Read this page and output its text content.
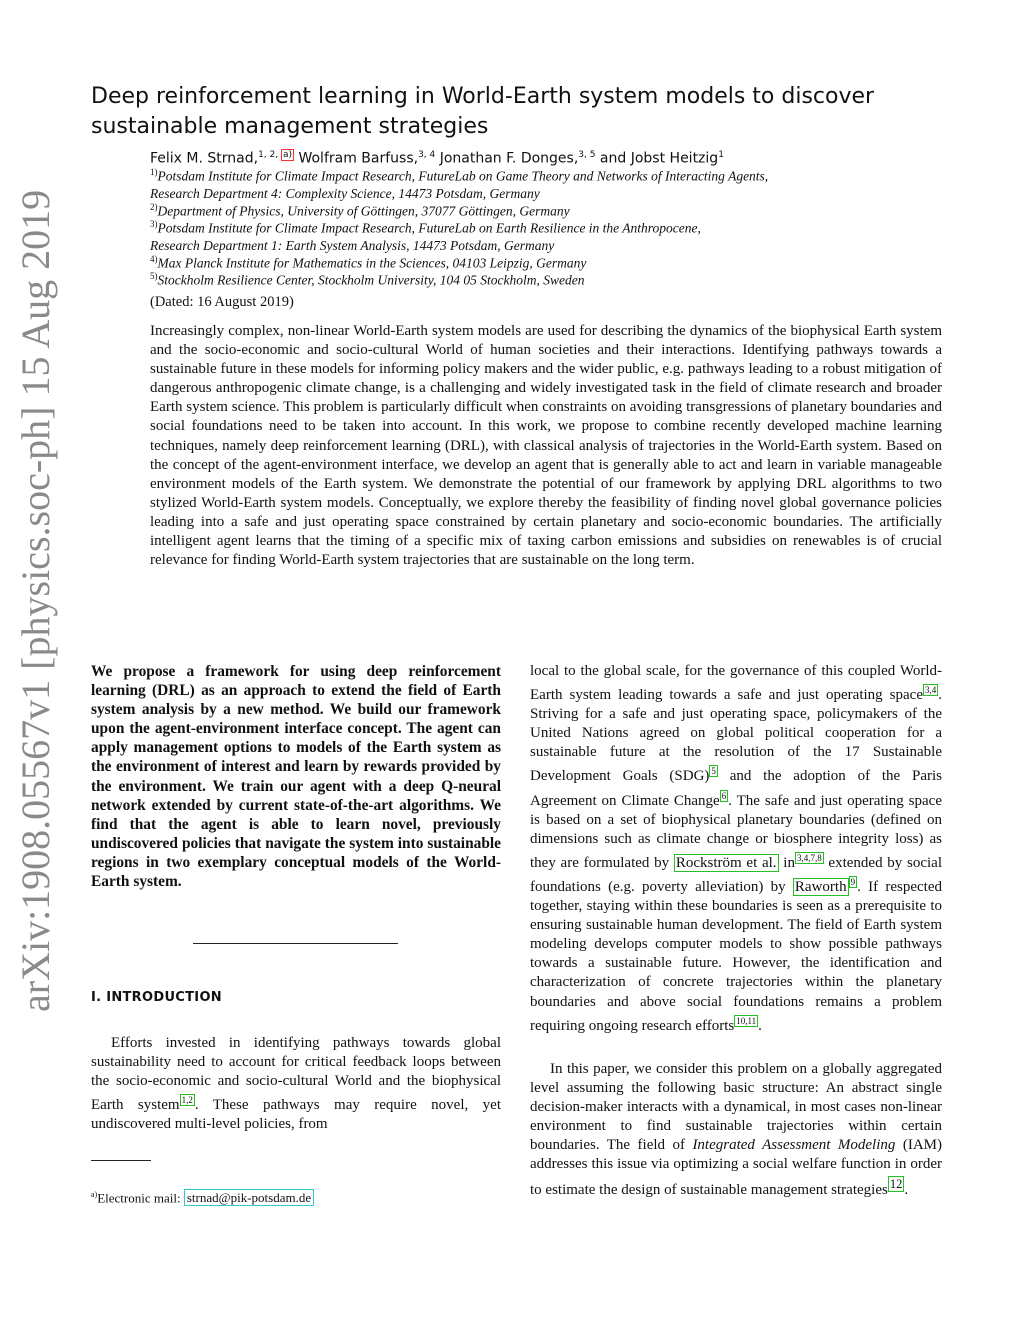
arXiv:1908.05567v1 [physics.soc-ph] 15 Aug 2019
Deep reinforcement learning in World-Earth system models to discover sustainable management strategies
Felix M. Strnad,$^{1, 2,}$ $^{a)}$ Wolfram Barfuss,$^{3, 4}$ Jonathan F. Donges,$^{3, 5}$ and Jobst Heitzig$^1$
$^{1)}$Potsdam Institute for Climate Impact Research, FutureLab on Game Theory and Networks of Interacting Agents,
Research Department 4: Complexity Science, 14473 Potsdam, Germany
$^{2)}$Department of Physics, University of Göttingen, 37077 Göttingen, Germany
$^{3)}$Potsdam Institute for Climate Impact Research, FutureLab on Earth Resilience in the Anthropocene,
Research Department 1: Earth System Analysis, 14473 Potsdam, Germany
$^{4)}$Max Planck Institute for Mathematics in the Sciences, 04103 Leipzig, Germany
$^{5)}$Stockholm Resilience Center, Stockholm University, 104 05 Stockholm, Sweden
(Dated: 16 August 2019)

Increasingly complex, non-linear World-Earth system models are used for describing the dynamics of the biophysical Earth system and the socio-economic and socio-cultural World of human societies and their interactions. Identifying pathways towards a sustainable future in these models for informing policy makers and the wider public, e.g. pathways leading to a robust mitigation of dangerous anthropogenic climate change, is a challenging and widely investigated task in the field of climate research and broader Earth system science. This problem is particularly difficult when constraints on avoiding transgressions of planetary boundaries and social foundations need to be taken into account. In this work, we propose to combine recently developed machine learning techniques, namely deep reinforcement learning (DRL), with classical analysis of trajectories in the World-Earth system. Based on the concept of the agent-environment interface, we develop an agent that is generally able to act and learn in variable manageable environment models of the Earth system. We demonstrate the potential of our framework by applying DRL algorithms to two stylized World-Earth system models. Conceptually, we explore thereby the feasibility of finding novel global governance policies leading into a safe and just operating space constrained by certain planetary and socio-economic boundaries. The artificially intelligent agent learns that the timing of a specific mix of taxing carbon emissions and subsidies on renewables is of crucial relevance for finding World-Earth system trajectories that are sustainable on the long term.

We propose a framework for using deep reinforcement learning (DRL) as an approach to extend the field of Earth system analysis by a new method. We build our framework upon the agent-environment interface concept. The agent can apply management options to models of the Earth system as the environment of interest and learn by rewards provided by the environment. We train our agent with a deep Q-neural network extended by current state-of-the-art algorithms. We find that the agent is able to learn novel, previously undiscovered policies that navigate the system into sustainable regions in two exemplary conceptual models of the World-Earth system.

I. INTRODUCTION

Efforts invested in identifying pathways towards global sustainability need to account for critical feedback loops between the socio-economic and socio-cultural World and the biophysical Earth system $^{1,2}$ . These pathways may require novel, yet undiscovered multi-level policies, from

$^{a)}$Electronic mail: strnad@pik-potsdam.de

local to the global scale, for the governance of this coupled World-Earth system leading towards a safe and just operating space $^{3,4}$ . Striving for a safe and just operating space, policymakers of the United Nations agreed on global political cooperation for a sustainable future at the resolution of the 17 Sustainable Development Goals (SDG) $^5$ and the adoption of the Paris Agreement on Climate Change $^6$ . The safe and just operating space is based on a set of biophysical planetary boundaries (defined on dimensions such as climate change or biosphere integrity loss) as they are formulated by Rockström et al. in $^{3,4,7,8}$ extended by social foundations (e.g. poverty alleviation) by Raworth $^9$ . If respected together, staying within these boundaries is seen as a prerequisite to ensuring sustainable human development. The field of Earth system modeling develops computer models to show possible pathways towards a sustainable future. However, the identification and characterization of concrete trajectories within the planetary boundaries and above social foundations remains a problem requiring ongoing research efforts $^{10,11}$ .

In this paper, we consider this problem on a globally aggregated level assuming the following basic structure: An abstract single decision-maker interacts with a dynamical, in most cases non-linear environment to find sustainable trajectories within certain boundaries. The field of Integrated Assessment Modeling (IAM) addresses this issue via optimizing a social welfare function in order to estimate the design of sustainable management strategies $^{12}$ .
